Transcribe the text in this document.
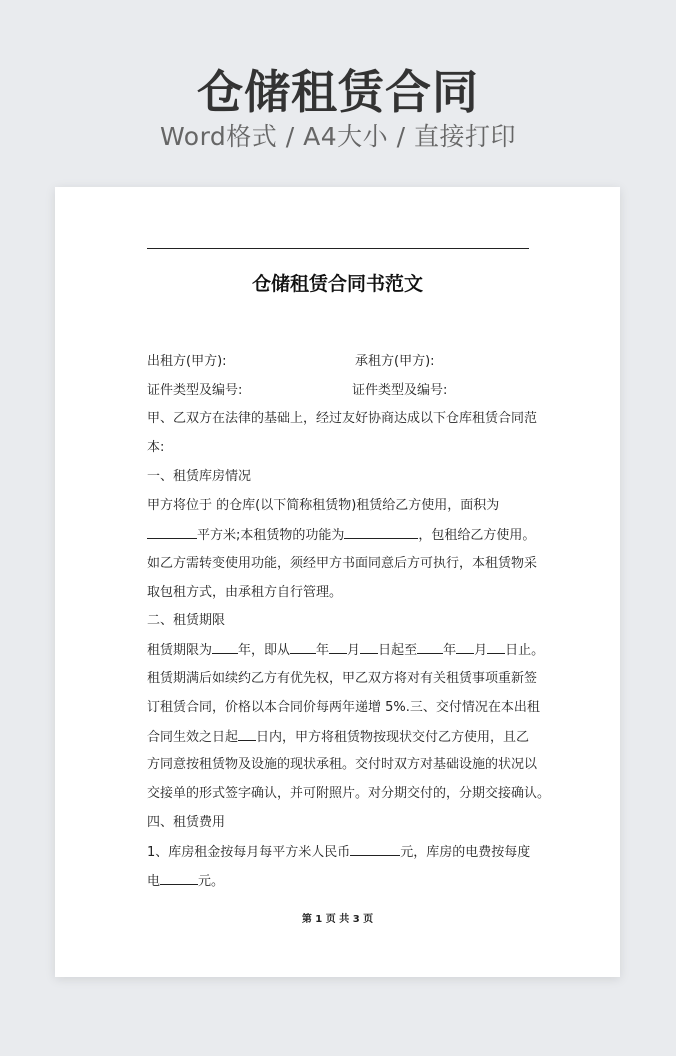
仓储租赁合同
Word格式 / A4大小 / 直接打印
仓储租赁合同书范文
出租方(甲方):	承租方(甲方):
证件类型及编号:	证件类型及编号:
甲、乙双方在法律的基础上，经过友好协商达成以下仓库租赁合同范
本:
一、租赁库房情况
甲方将位于 的仓库(以下简称租赁物)租赁给乙方使用，面积为
平方米;本租赁物的功能为	，包租给乙方使用。
如乙方需转变使用功能，须经甲方书面同意后方可执行，本租赁物采
取包租方式，由承租方自行管理。
二、租赁期限
租赁期限为 年，即从 年 月 日起至 年 月 日止。
租赁期满后如续约乙方有优先权，甲乙双方将对有关租赁事项重新签
订租赁合同，价格以本合同价每两年递增 5%.三、交付情况在本出租
合同生效之日起 日内，甲方将租赁物按现状交付乙方使用，且乙
方同意按租赁物及设施的现状承租。交付时双方对基础设施的状况以
交接单的形式签字确认，并可附照片。对分期交付的，分期交接确认。
四、租赁费用
1、库房租金按每月每平方米人民币	元，库房的电费按每度
电	元。
第 1 页 共 3 页
